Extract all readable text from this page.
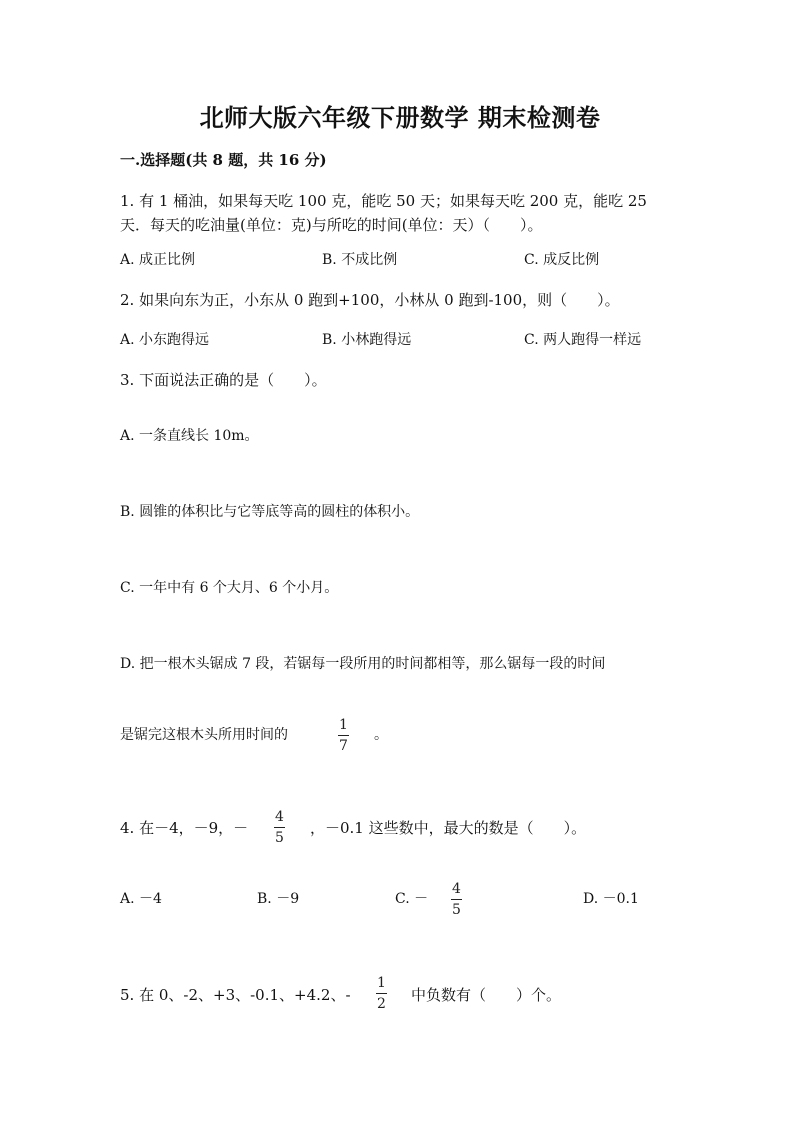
北师大版六年级下册数学 期末检测卷
一.选择题(共 8 题，共 16 分)
1. 有 1 桶油，如果每天吃 100 克，能吃 50 天；如果每天吃 200 克，能吃 25
天．每天的吃油量(单位：克)与所吃的时间(单位：天）（　　）。
A. 成正比例	B. 不成比例	C. 成反比例
2. 如果向东为正，小东从 0 跑到+100，小林从 0 跑到-100，则（　　）。
A. 小东跑得远	B. 小林跑得远	C. 两人跑得一样远
3. 下面说法正确的是（　　）。
A. 一条直线长 10m。
B. 圆锥的体积比与它等底等高的圆柱的体积小。
C. 一年中有 6 个大月、6 个小月。
D. 把一根木头锯成 7 段，若锯每一段所用的时间都相等，那么锯每一段的时间
是锯完这根木头所用时间的
1
7
。
4. 在－4，－9，－
4
5
，－0.1 这些数中，最大的数是（　　）。
A. －4	B. －9	C. －
4
5
D. －0.1
5. 在 0、-2、+3、-0.1、+4.2、-
1
2 中负数有（　　）个。
